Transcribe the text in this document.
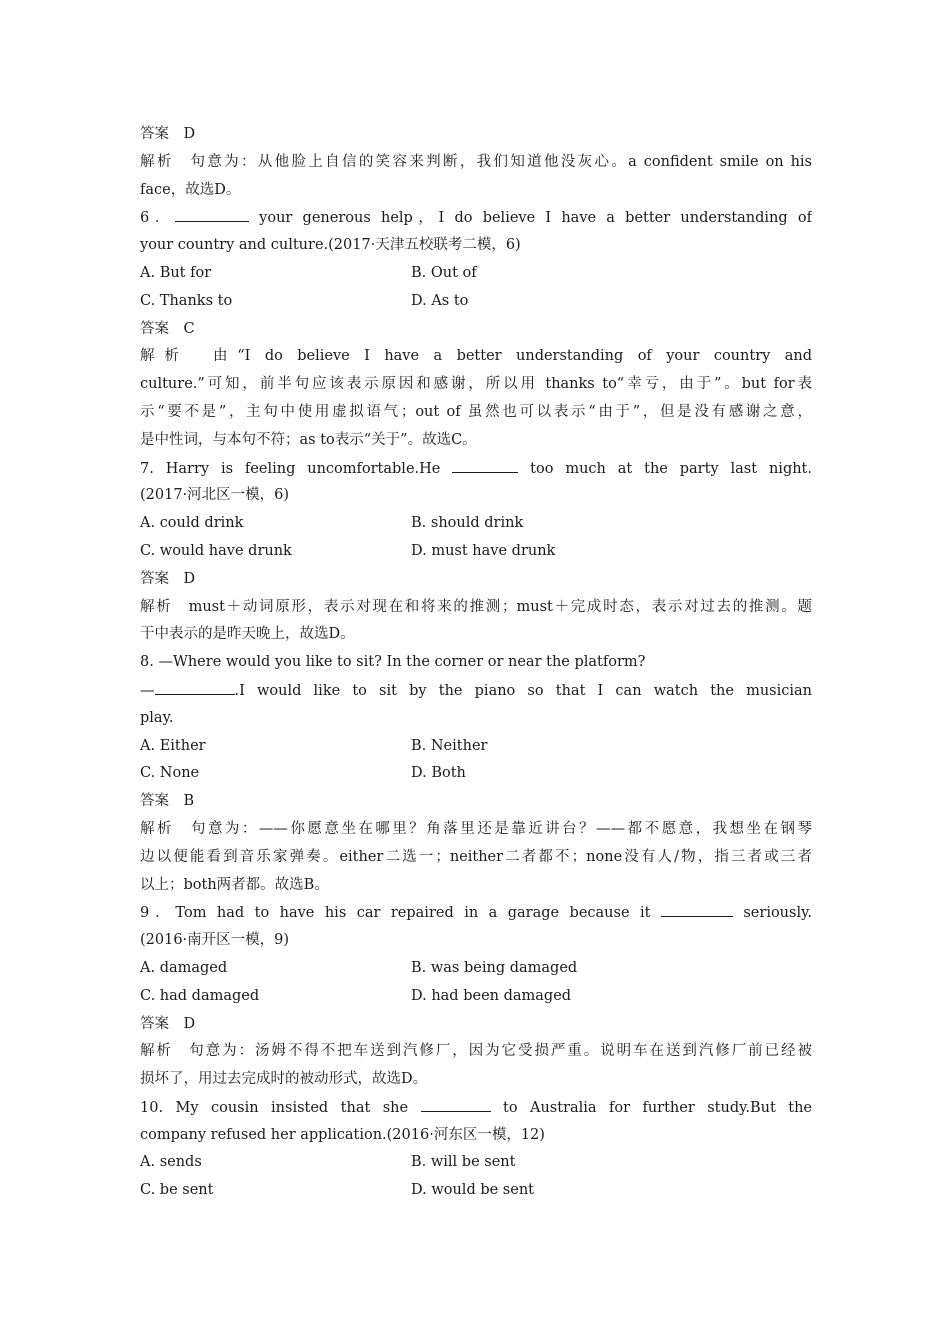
答案　D
解析　句意为：从他脸上自信的笑容来判断，我们知道他没灰心。a confident smile on his
face，故选D。
6．	your generous help，I do believe I have a better understanding of
your country and culture.(2017·天津五校联考二模，6)
A. But for	B. Out of
C. Thanks to	D. As to
答案　C
解析　由“I do believe I have a better understanding of your country and
culture.”可知，前半句应该表示原因和感谢，所以用 thanks to“幸亏，由于”。but for表
示“要不是”，主句中使用虚拟语气；out of 虽然也可以表示“由于”，但是没有感谢之意，
是中性词，与本句不符；as to表示“关于”。故选C。
7. Harry is feeling uncomfortable.He	too much at the party last night.
(2017·河北区一模，6)
A. could drink	B. should drink
C. would have drunk	D. must have drunk
答案　D
解析　must＋动词原形，表示对现在和将来的推测；must＋完成时态，表示对过去的推测。题
干中表示的是昨天晚上，故选D。
8. —Where would you like to sit? In the corner or near the platform?
—	.I would like to sit by the piano so that I can watch the musician
play.
A. Either	B. Neither
C. None	D. Both
答案　B
解析　句意为：——你愿意坐在哪里？角落里还是靠近讲台？——都不愿意，我想坐在钢琴
边以便能看到音乐家弹奏。either二选一；neither二者都不；none没有人/物，指三者或三者
以上；both两者都。故选B。
9．Tom had to have his car repaired in a garage because it	seriously.
(2016·南开区一模，9)
A. damaged	B. was being damaged
C. had damaged	D. had been damaged
答案　D
解析　句意为：汤姆不得不把车送到汽修厂，因为它受损严重。说明车在送到汽修厂前已经被
损坏了，用过去完成时的被动形式，故选D。
10. My cousin insisted that she	to Australia for further study.But the
company refused her application.(2016·河东区一模，12)
A. sends	B. will be sent
C. be sent	D. would be sent
